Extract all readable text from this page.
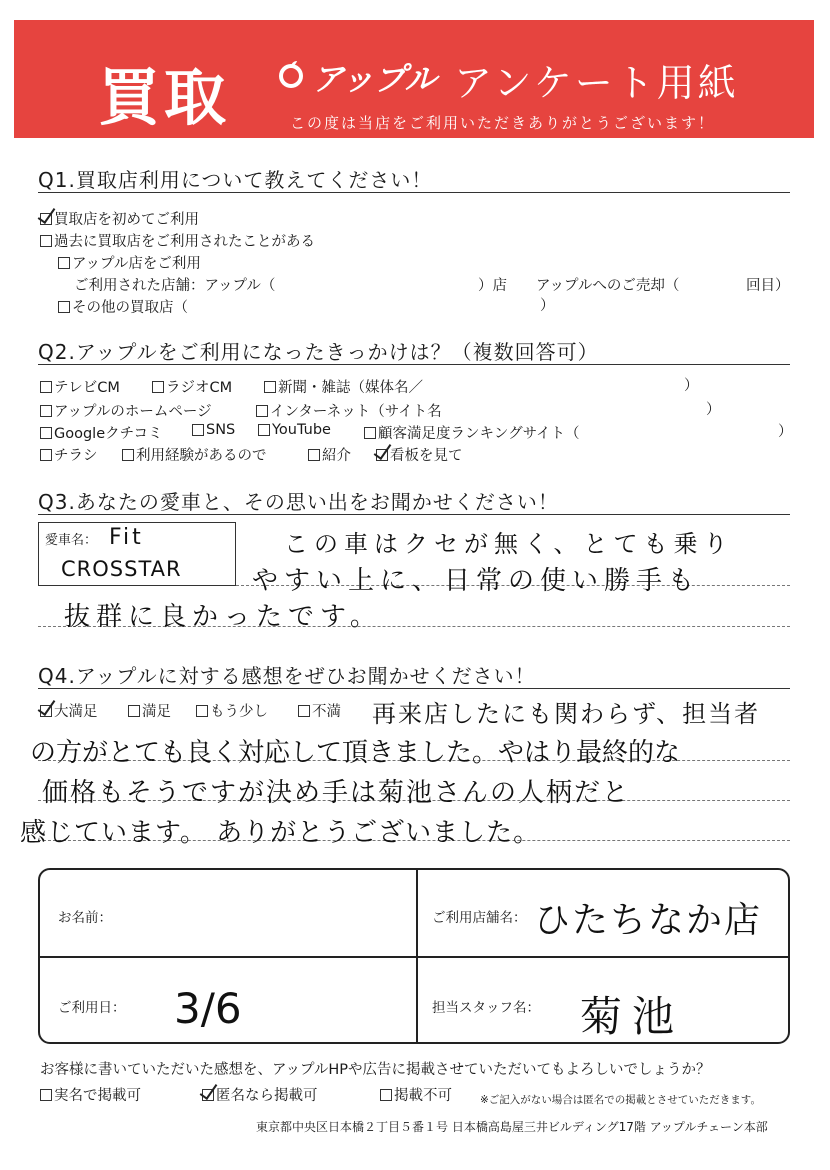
買取	アップル アンケート用紙
この度は当店をご利用いただきありがとうございます！
Q1.買取店利用について教えてください！
買取店を初めてご利用
過去に買取店をご利用されたことがある
アップル店をご利用
ご利用された店舗：アップル（	）店 アップルへのご売却（	回目）
その他の買取店（	）
Q2.アップルをご利用になったきっかけは？（複数回答可）
テレビCM	ラジオCM	新聞・雑誌（媒体名／	）
アップルのホームページ	インターネット（サイト名	）
Googleクチコミ	SNS	YouTube	顧客満足度ランキングサイト（	）
チラシ	利用経験があるので	紹介	看板を見て
Q3.あなたの愛車と、その思い出をお聞かせください！
愛車名： Fit
CROSSTAR
この車はクセが無く、とても乗り
やすい上に、日常の使い勝手も
抜群に良かったです。
Q4.アップルに対する感想をぜひお聞かせください！
大満足	満足	もう少し	不満 再来店したにも関わらず、担当者
の方がとても良く対応して頂きました。やはり最終的な
価格もそうですが決め手は菊池さんの人柄だと
感じています。 ありがとうございました。
お名前：	ご利用店舗名： ひたちなか店
ご利用日： 3/6	担当スタッフ名： 菊池
お客様に書いていただいた感想を、アップルHPや広告に掲載させていただいてもよろしいでしょうか？
実名で掲載可	匿名なら掲載可	掲載不可	※ご記入がない場合は匿名での掲載とさせていただきます。
東京都中央区日本橋２丁目５番１号 日本橋高島屋三井ビルディング17階 アップルチェーン本部
